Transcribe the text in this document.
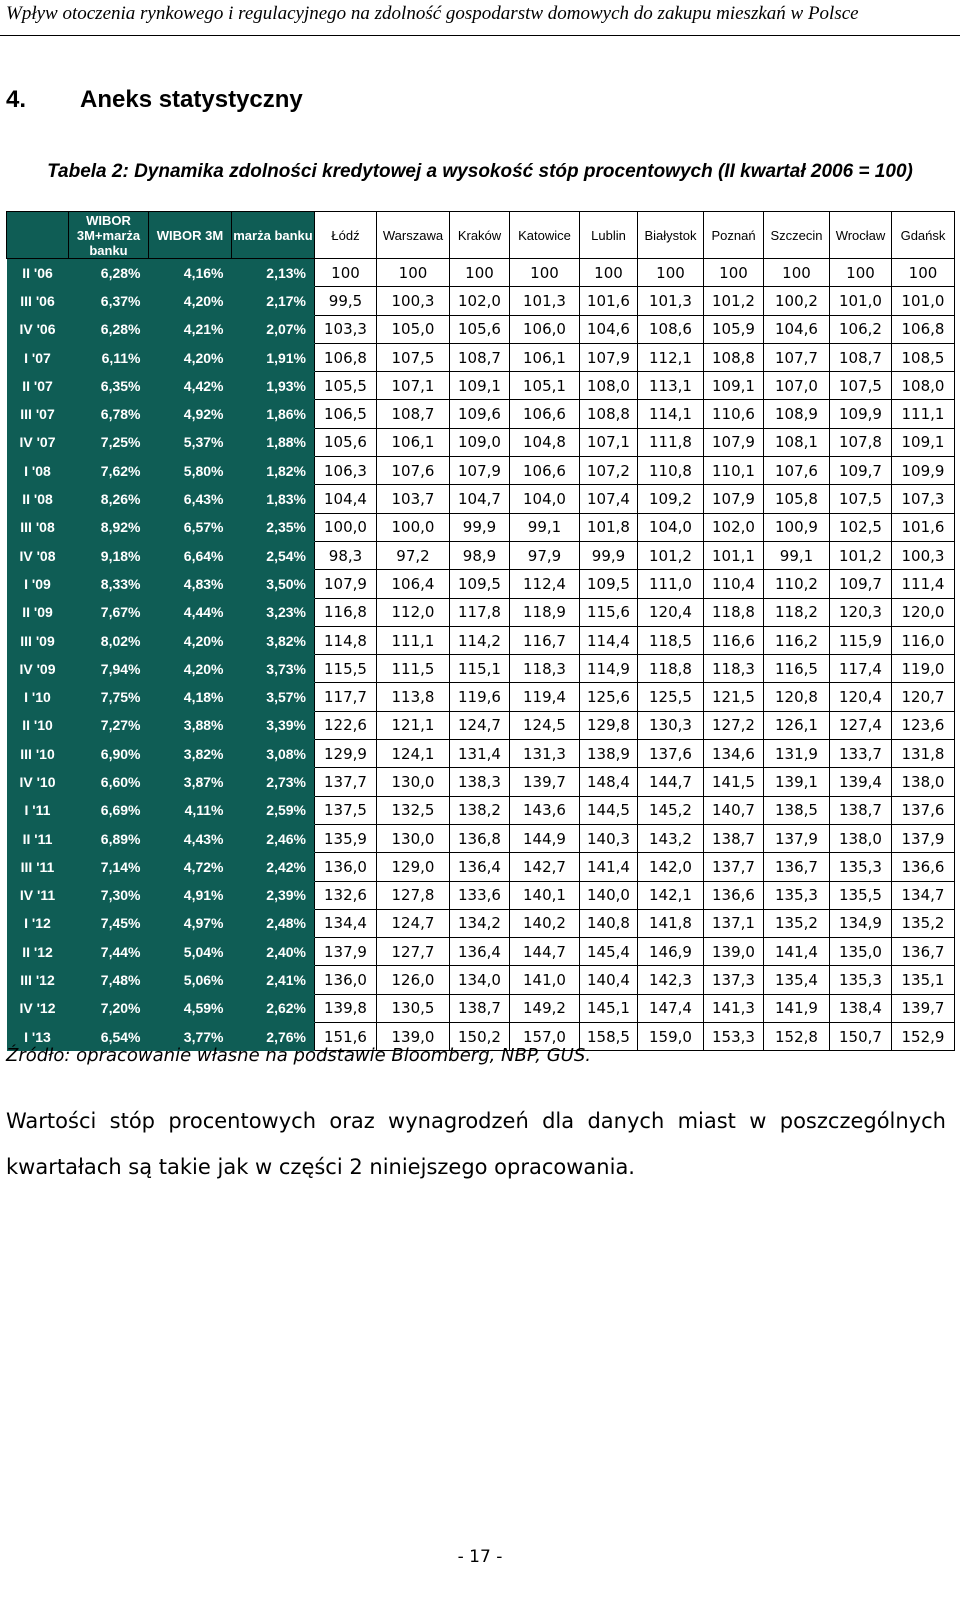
Wpływ otoczenia rynkowego i regulacyjnego na zdolność gospodarstw domowych do zakupu mieszkań w Polsce
4. Aneks statystyczny
Tabela 2: Dynamika zdolności kredytowej a wysokość stóp procentowych (II kwartał 2006 = 100)
	WIBOR 3M+marża banku	WIBOR 3M	marża banku	Łódź	Warszawa	Kraków	Katowice	Lublin	Białystok	Poznań	Szczecin	Wrocław	Gdańsk
II '06	6,28%	4,16%	2,13%	100	100	100	100	100	100	100	100	100	100
III '06	6,37%	4,20%	2,17%	99,5	100,3	102,0	101,3	101,6	101,3	101,2	100,2	101,0	101,0
IV '06	6,28%	4,21%	2,07%	103,3	105,0	105,6	106,0	104,6	108,6	105,9	104,6	106,2	106,8
I '07	6,11%	4,20%	1,91%	106,8	107,5	108,7	106,1	107,9	112,1	108,8	107,7	108,7	108,5
II '07	6,35%	4,42%	1,93%	105,5	107,1	109,1	105,1	108,0	113,1	109,1	107,0	107,5	108,0
III '07	6,78%	4,92%	1,86%	106,5	108,7	109,6	106,6	108,8	114,1	110,6	108,9	109,9	111,1
IV '07	7,25%	5,37%	1,88%	105,6	106,1	109,0	104,8	107,1	111,8	107,9	108,1	107,8	109,1
I '08	7,62%	5,80%	1,82%	106,3	107,6	107,9	106,6	107,2	110,8	110,1	107,6	109,7	109,9
II '08	8,26%	6,43%	1,83%	104,4	103,7	104,7	104,0	107,4	109,2	107,9	105,8	107,5	107,3
III '08	8,92%	6,57%	2,35%	100,0	100,0	99,9	99,1	101,8	104,0	102,0	100,9	102,5	101,6
IV '08	9,18%	6,64%	2,54%	98,3	97,2	98,9	97,9	99,9	101,2	101,1	99,1	101,2	100,3
I '09	8,33%	4,83%	3,50%	107,9	106,4	109,5	112,4	109,5	111,0	110,4	110,2	109,7	111,4
II '09	7,67%	4,44%	3,23%	116,8	112,0	117,8	118,9	115,6	120,4	118,8	118,2	120,3	120,0
III '09	8,02%	4,20%	3,82%	114,8	111,1	114,2	116,7	114,4	118,5	116,6	116,2	115,9	116,0
IV '09	7,94%	4,20%	3,73%	115,5	111,5	115,1	118,3	114,9	118,8	118,3	116,5	117,4	119,0
I '10	7,75%	4,18%	3,57%	117,7	113,8	119,6	119,4	125,6	125,5	121,5	120,8	120,4	120,7
II '10	7,27%	3,88%	3,39%	122,6	121,1	124,7	124,5	129,8	130,3	127,2	126,1	127,4	123,6
III '10	6,90%	3,82%	3,08%	129,9	124,1	131,4	131,3	138,9	137,6	134,6	131,9	133,7	131,8
IV '10	6,60%	3,87%	2,73%	137,7	130,0	138,3	139,7	148,4	144,7	141,5	139,1	139,4	138,0
I '11	6,69%	4,11%	2,59%	137,5	132,5	138,2	143,6	144,5	145,2	140,7	138,5	138,7	137,6
II '11	6,89%	4,43%	2,46%	135,9	130,0	136,8	144,9	140,3	143,2	138,7	137,9	138,0	137,9
III '11	7,14%	4,72%	2,42%	136,0	129,0	136,4	142,7	141,4	142,0	137,7	136,7	135,3	136,6
IV '11	7,30%	4,91%	2,39%	132,6	127,8	133,6	140,1	140,0	142,1	136,6	135,3	135,5	134,7
I '12	7,45%	4,97%	2,48%	134,4	124,7	134,2	140,2	140,8	141,8	137,1	135,2	134,9	135,2
II '12	7,44%	5,04%	2,40%	137,9	127,7	136,4	144,7	145,4	146,9	139,0	141,4	135,0	136,7
III '12	7,48%	5,06%	2,41%	136,0	126,0	134,0	141,0	140,4	142,3	137,3	135,4	135,3	135,1
IV '12	7,20%	4,59%	2,62%	139,8	130,5	138,7	149,2	145,1	147,4	141,3	141,9	138,4	139,7
I '13	6,54%	3,77%	2,76%	151,6	139,0	150,2	157,0	158,5	159,0	153,3	152,8	150,7	152,9
Źródło: opracowanie własne na podstawie Bloomberg, NBP, GUS.
Wartości stóp procentowych oraz wynagrodzeń dla danych miast w poszczególnych kwartałach są takie jak w części 2 niniejszego opracowania.
- 17 -
